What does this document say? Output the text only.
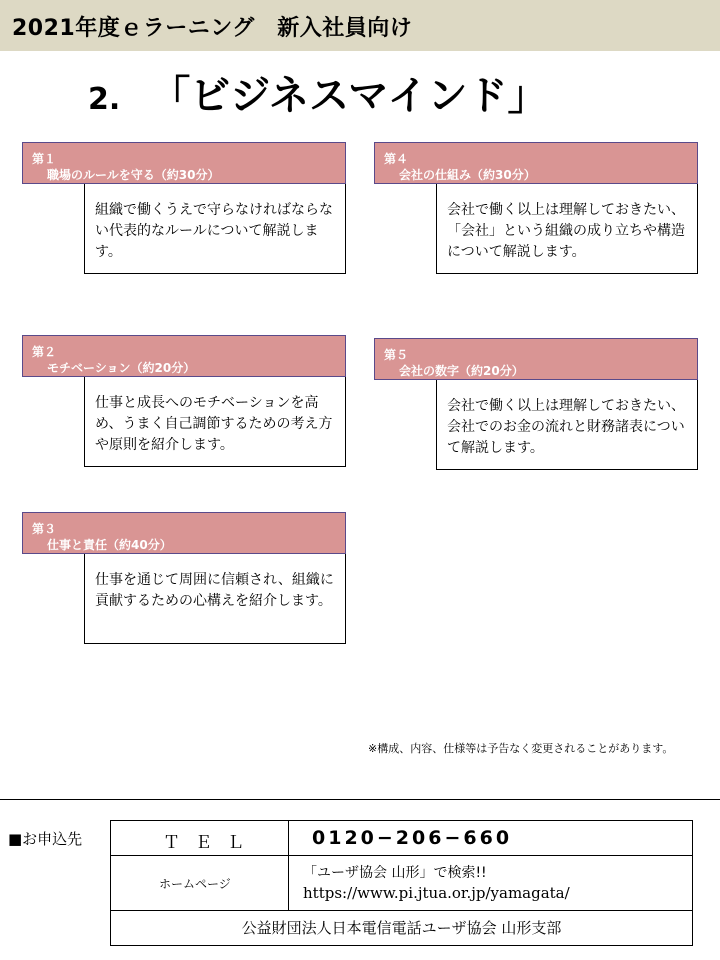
2021年度ｅラーニング　新入社員向け
2. 「ビジネスマインド」
第１
職場のルールを守る（約30分）
組織で働くうえで守らなければならない代表的なルールについて解説します。
第２
モチベーション（約20分）
仕事と成長へのモチベーションを高め、うまく自己調節するための考え方や原則を紹介します。
第３
仕事と責任（約40分）
仕事を通じて周囲に信頼され、組織に貢献するための心構えを紹介します。
第４
会社の仕組み（約30分）
会社で働く以上は理解しておきたい、「会社」という組織の成り立ちや構造について解説します。
第５
会社の数字（約20分）
会社で働く以上は理解しておきたい、会社でのお金の流れと財務諸表について解説します。
※構成、内容、仕様等は予告なく変更されることがあります。
■お申込先	ＴＥＬ	0120−206−660
ホームページ
「ユーザ協会 山形」で検索!!
https://www.pi.jtua.or.jp/yamagata/
公益財団法人日本電信電話ユーザ協会 山形支部
